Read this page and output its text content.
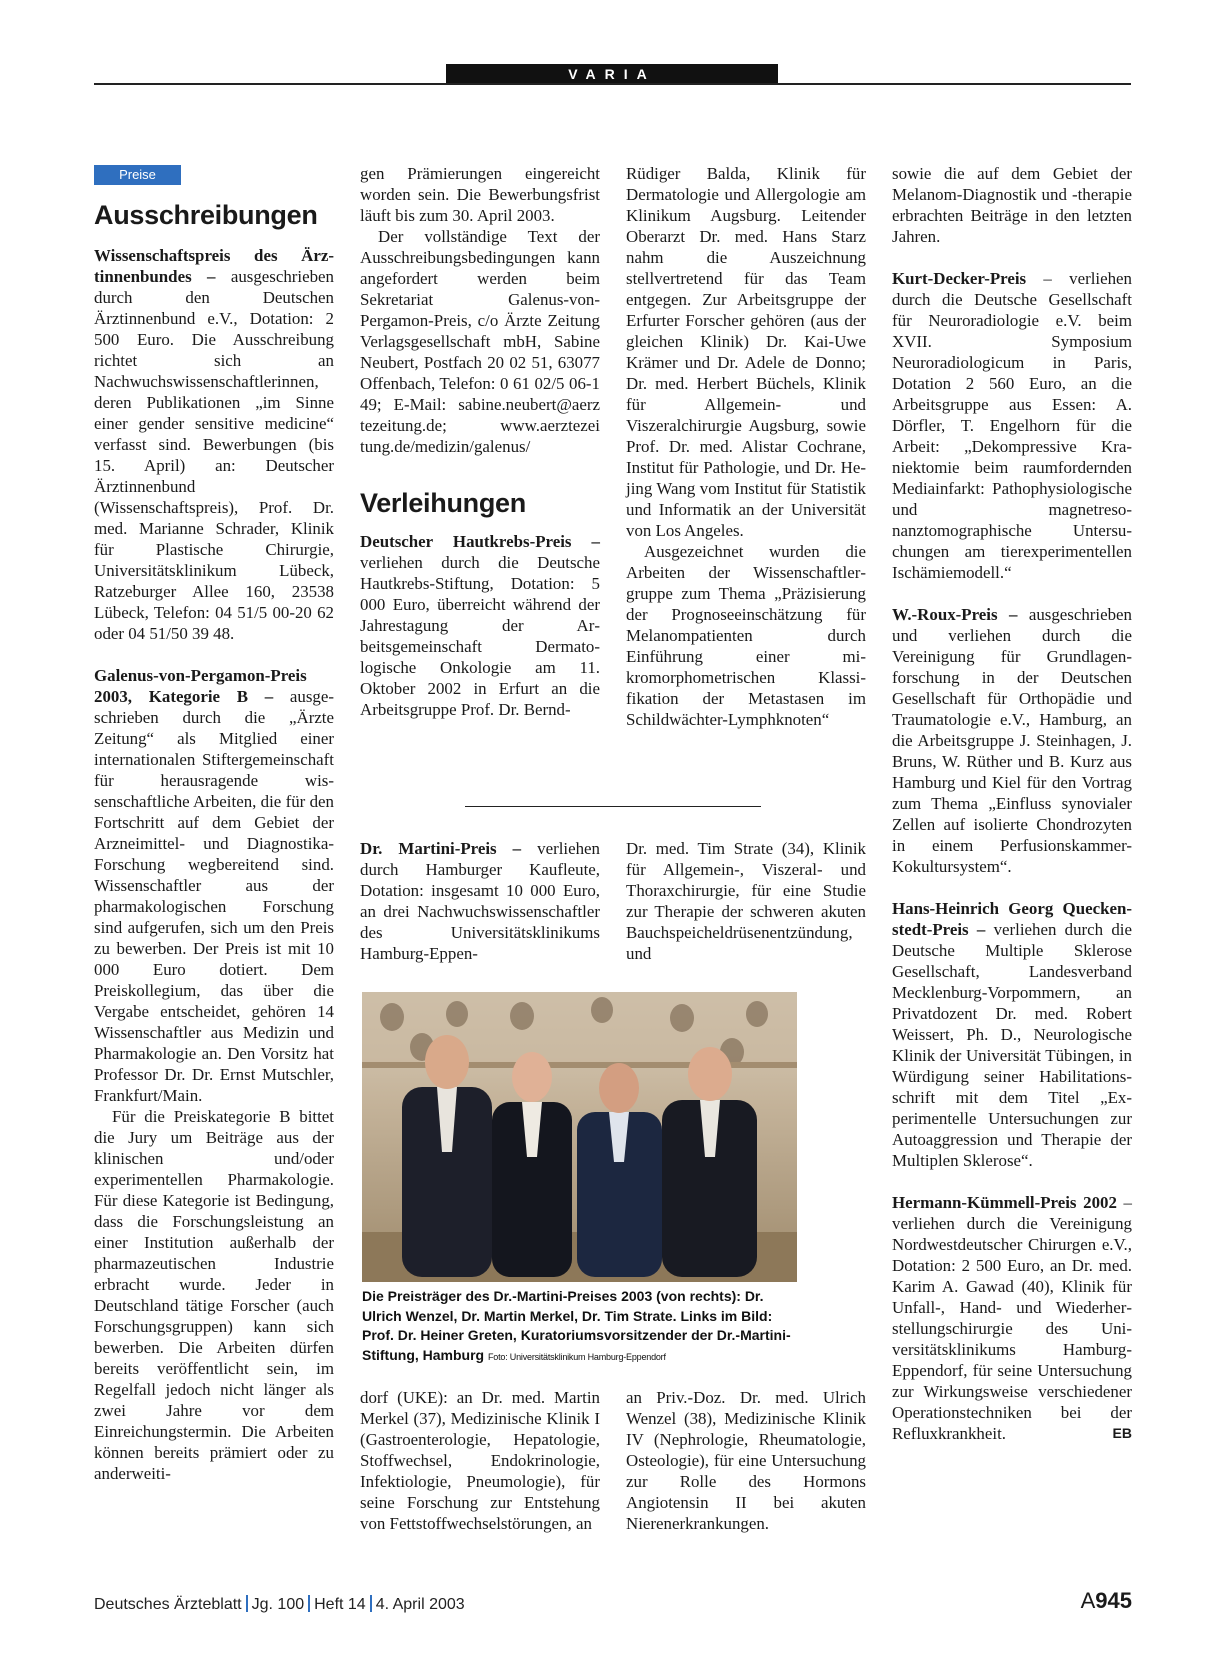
VARIA
Preise
Ausschreibungen

Wissenschaftspreis des Ärztinnenbundes – ausgeschrieben durch den Deutschen Ärztinnenbund e.V., Dotation: 2 500 Euro. Die Ausschreibung richtet sich an Nachwuchswissenschaftlerinnen, deren Publikationen „im Sinne einer gender sensitive medicine“ verfasst sind. Bewerbungen (bis 15. April) an: Deutscher Ärztinnenbund (Wissenschaftspreis), Prof. Dr. med. Marianne Schrader, Klinik für Plastische Chirurgie, Universitätsklinikum Lübeck, Ratzeburger Allee 160, 23538 Lübeck, Telefon: 04 51/5 00-20 62 oder 04 51/50 39 48.

Galenus-von-Pergamon-Preis 2003, Kategorie B – ausgeschrieben durch die „Ärzte Zeitung“ als Mitglied einer internationalen Stiftergemeinschaft für herausragende wissenschaftliche Arbeiten, die für den Fortschritt auf dem Gebiet der Arzneimittel- und Diagnostika-Forschung wegbereitend sind. Wissenschaftler aus der pharmakologischen Forschung sind aufgerufen, sich um den Preis zu bewerben. Der Preis ist mit 10 000 Euro dotiert. Dem Preiskollegium, das über die Vergabe entscheidet, gehören 14 Wissenschaftler aus Medizin und Pharmakologie an. Den Vorsitz hat Professor Dr. Dr. Ernst Mutschler, Frankfurt/Main.

Für die Preiskategorie B bittet die Jury um Beiträge aus der klinischen und/oder experimentellen Pharmakologie. Für diese Kategorie ist Bedingung, dass die Forschungsleistung an einer Institution außerhalb der pharmazeutischen Industrie erbracht wurde. Jeder in Deutschland tätige Forscher (auch Forschungsgruppen) kann sich bewerben. Die Arbeiten dürfen bereits veröffentlicht sein, im Regelfall jedoch nicht länger als zwei Jahre vor dem Einreichungstermin. Die Arbeiten können bereits prämiert oder zu anderweiti-

gen Prämierungen eingereicht worden sein. Die Bewerbungsfrist läuft bis zum 30. April 2003.

Der vollständige Text der Ausschreibungsbedingungen kann angefordert werden beim Sekretariat Galenus-von-Pergamon-Preis, c/o Ärzte Zeitung Verlagsgesellschaft mbH, Sabine Neubert, Postfach 20 02 51, 63077 Offenbach, Telefon: 0 61 02/5 06-1 49; E-Mail: sabine.neubert@aerz tezeitung.de; www.aerztezei tung.de/medizin/galenus/

Verleihungen

Deutscher Hautkrebs-Preis – verliehen durch die Deutsche Hautkrebs-Stiftung, Dotation: 5 000 Euro, überreicht während der Jahrestagung der Arbeitsgemeinschaft Dermatologische Onkologie am 11. Oktober 2002 in Erfurt an die Arbeitsgruppe Prof. Dr. Bernd-

Rüdiger Balda, Klinik für Dermatologie und Allergologie am Klinikum Augsburg. Leitender Oberarzt Dr. med. Hans Starz nahm die Auszeichnung stellvertretend für das Team entgegen. Zur Arbeitsgruppe der Erfurter Forscher gehören (aus der gleichen Klinik) Dr. Kai-Uwe Krämer und Dr. Adele de Donno; Dr. med. Herbert Büchels, Klinik für Allgemein- und Viszeralchirurgie Augsburg, sowie Prof. Dr. med. Alistar Cochrane, Institut für Pathologie, und Dr. He-jing Wang vom Institut für Statistik und Informatik an der Universität von Los Angeles.

Ausgezeichnet wurden die Arbeiten der Wissenschaftlergruppe zum Thema „Präzisierung der Prognoseeinschätzung für Melanompatienten durch Einführung einer mikromorphometrischen Klassifikation der Metastasen im Schildwächter-Lymphknoten“

sowie die auf dem Gebiet der Melanom-Diagnostik und -therapie erbrachten Beiträge in den letzten Jahren.

Kurt-Decker-Preis – verliehen durch die Deutsche Gesellschaft für Neuroradiologie e.V. beim XVII. Symposium Neuroradiologicum in Paris, Dotation 2 560 Euro, an die Arbeitsgruppe aus Essen: A. Dörfler, T. Engelhorn für die Arbeit: „Dekompressive Kraniektomie beim raumfordernden Mediainfarkt: Pathophysiologische und magnetresonanztomographische Untersuchungen am tierexperimentellen Ischämiemodell.“

W.-Roux-Preis – ausgeschrieben und verliehen durch die Vereinigung für Grundlagenforschung in der Deutschen Gesellschaft für Orthopädie und Traumatologie e.V., Hamburg, an die Arbeitsgruppe J. Steinhagen, J. Bruns, W. Rüther und B. Kurz aus Hamburg und Kiel für den Vortrag zum Thema „Einfluss synovialer Zellen auf isolierte Chondrozyten in einem Perfusionskammer-Kokultursystem“.

Hans-Heinrich Georg Queckenstedt-Preis – verliehen durch die Deutsche Multiple Sklerose Gesellschaft, Landesverband Mecklenburg-Vorpommern, an Privatdozent Dr. med. Robert Weissert, Ph. D., Neurologische Klinik der Universität Tübingen, in Würdigung seiner Habilitationsschrift mit dem Titel „Experimentelle Untersuchungen zur Autoaggression und Therapie der Multiplen Sklerose“.

Hermann-Kümmell-Preis 2002 – verliehen durch die Vereinigung Nordwestdeutscher Chirurgen e.V., Dotation: 2 500 Euro, an Dr. med. Karim A. Gawad (40), Klinik für Unfall-, Hand- und Wiederherstellungschirurgie des Universitätsklinikums Hamburg-Eppendorf, für seine Untersuchung zur Wirkungsweise verschiedener Operationstechniken bei der Refluxkrankheit.	EB

Dr. Martini-Preis – verliehen durch Hamburger Kaufleute, Dotation: insgesamt 10 000 Euro, an drei Nachwuchswissenschaftler des Universitätsklinikums Hamburg-Eppen-
Dr. med. Tim Strate (34), Klinik für Allgemein-, Viszeral- und Thoraxchirurgie, für eine Studie zur Therapie der schweren akuten Bauchspeicheldrüsenentzündung, und
Die Preisträger des Dr.-Martini-Preises 2003 (von rechts): Dr. Ulrich Wenzel, Dr. Martin Merkel, Dr. Tim Strate. Links im Bild: Prof. Dr. Heiner Greten, Kuratoriumsvorsitzender der Dr.-Martini-Stiftung, Hamburg Foto: Universitätsklinikum Hamburg-Eppendorf
dorf (UKE): an Dr. med. Martin Merkel (37), Medizinische Klinik I (Gastroenterologie, Hepatologie, Stoffwechsel, Endokrinologie, Infektiologie, Pneumologie), für seine Forschung zur Entstehung von Fettstoffwechselstörungen, an
an Priv.-Doz. Dr. med. Ulrich Wenzel (38), Medizinische Klinik IV (Nephrologie, Rheumatologie, Osteologie), für eine Untersuchung zur Rolle des Hormons Angiotensin II bei akuten Nierenerkrankungen.
Deutsches Ärzteblatt Jg. 100 Heft 14 4. April 2003	A945
